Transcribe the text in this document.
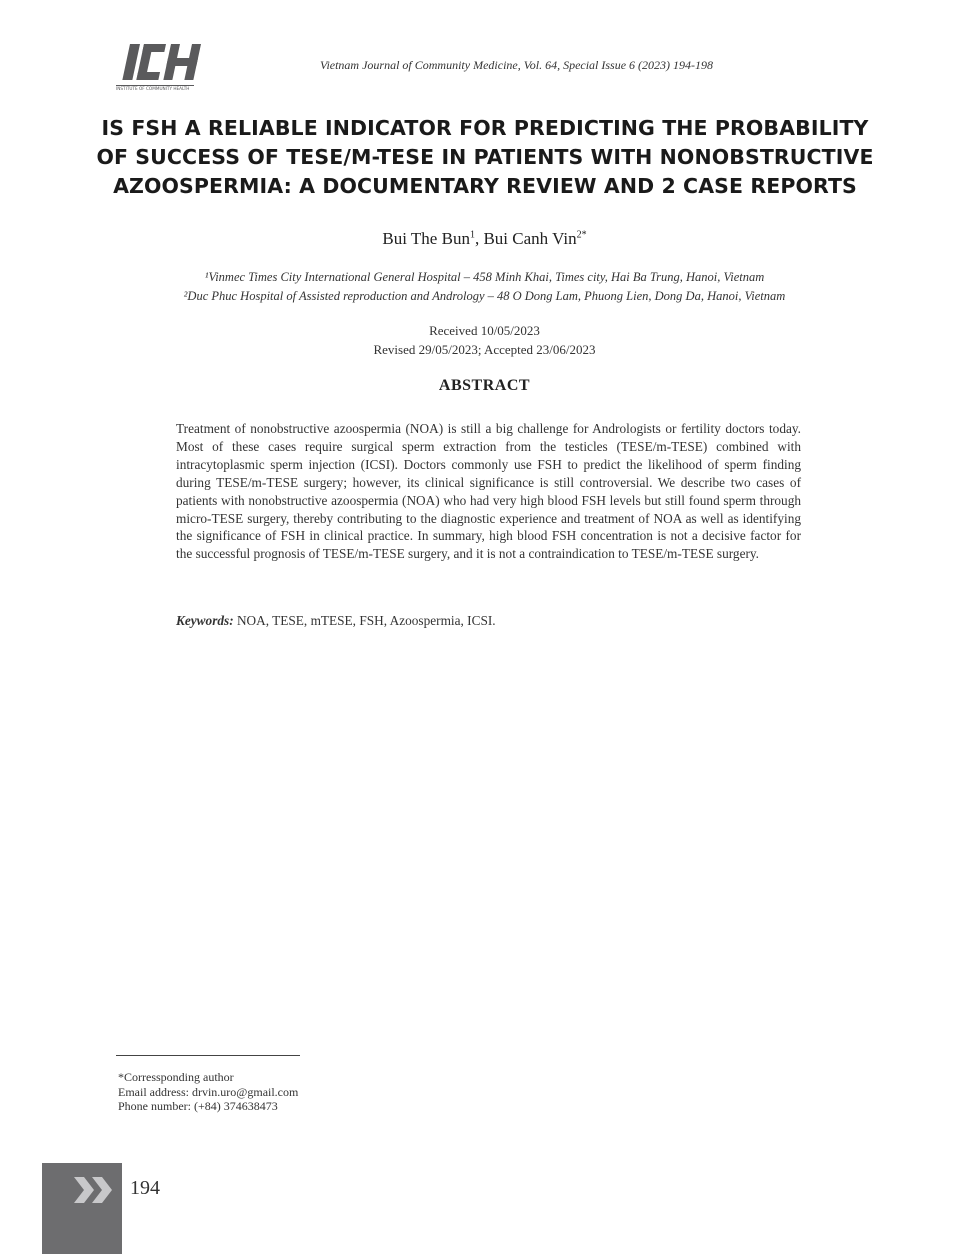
INSTITUTE OF COMMUNITY HEALTH
Vietnam Journal of Community Medicine, Vol. 64, Special Issue 6 (2023) 194-198
IS FSH A RELIABLE INDICATOR FOR PREDICTING THE PROBABILITY
OF SUCCESS OF TESE/M-TESE IN PATIENTS WITH NONOBSTRUCTIVE
AZOOSPERMIA: A DOCUMENTARY REVIEW AND 2 CASE REPORTS
Bui The Bun$^1$, Bui Canh Vin$^{2*}$
¹Vinmec Times City International General Hospital – 458 Minh Khai, Times city, Hai Ba Trung, Hanoi, Vietnam
²Duc Phuc Hospital of Assisted reproduction and Andrology – 48 O Dong Lam, Phuong Lien, Dong Da, Hanoi, Vietnam
Received 10/05/2023
Revised 29/05/2023; Accepted 23/06/2023
ABSTRACT
Treatment of nonobstructive azoospermia (NOA) is still a big challenge for Andrologists or fertility doctors today. Most of these cases require surgical sperm extraction from the testicles (TESE/m-TESE) combined with intracytoplasmic sperm injection (ICSI). Doctors commonly use FSH to predict the likelihood of sperm finding during TESE/m-TESE surgery; however, its clinical significance is still controversial. We describe two cases of patients with nonobstructive azoospermia (NOA) who had very high blood FSH levels but still found sperm through micro-TESE surgery, thereby contributing to the diagnostic experience and treatment of NOA as well as identifying the significance of FSH in clinical practice. In summary, high blood FSH concentration is not a decisive factor for the successful prognosis of TESE/m-TESE surgery, and it is not a contraindication to TESE/m-TESE surgery.
Keywords: NOA, TESE, mTESE, FSH, Azoospermia, ICSI.
*Corressponding author
Email address: drvin.uro@gmail.com
Phone number: (+84) 374638473
194
